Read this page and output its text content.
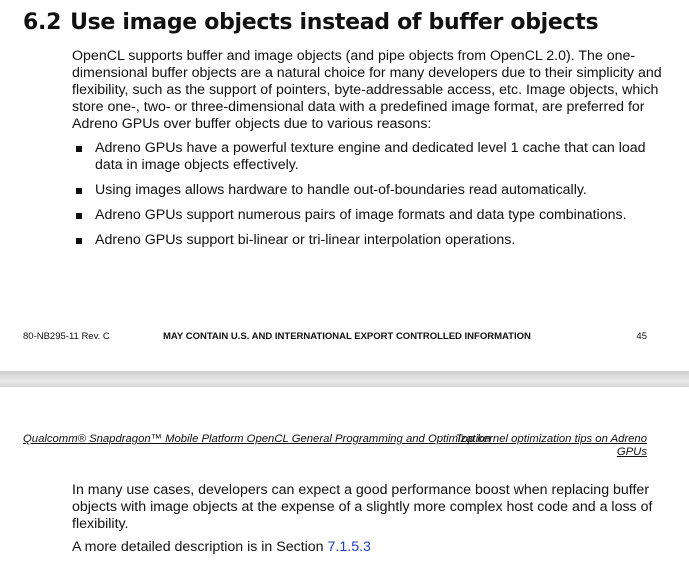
6.2 Use image objects instead of buffer objects

OpenCL supports buffer and image objects (and pipe objects from OpenCL 2.0). The one-dimensional buffer objects are a natural choice for many developers due to their simplicity and flexibility, such as the support of pointers, byte-addressable access, etc. Image objects, which store one-, two- or three-dimensional data with a predefined image format, are preferred for Adreno GPUs over buffer objects due to various reasons:

Adreno GPUs have a powerful texture engine and dedicated level 1 cache that can load data in image objects effectively.
Using images allows hardware to handle out-of-boundaries read automatically.
Adreno GPUs support numerous pairs of image formats and data type combinations.
Adreno GPUs support bi-linear or tri-linear interpolation operations.
80-NB295-11 Rev. C	MAY CONTAIN U.S. AND INTERNATIONAL EXPORT CONTROLLED INFORMATION	45
Qualcomm® Snapdragon™ Mobile Platform OpenCL General Programming and Optimization
Top kernel optimization tips on Adreno GPUs

In many use cases, developers can expect a good performance boost when replacing buffer objects with image objects at the expense of a slightly more complex host code and a loss of flexibility.

A more detailed description is in Section 7.1.5.3
